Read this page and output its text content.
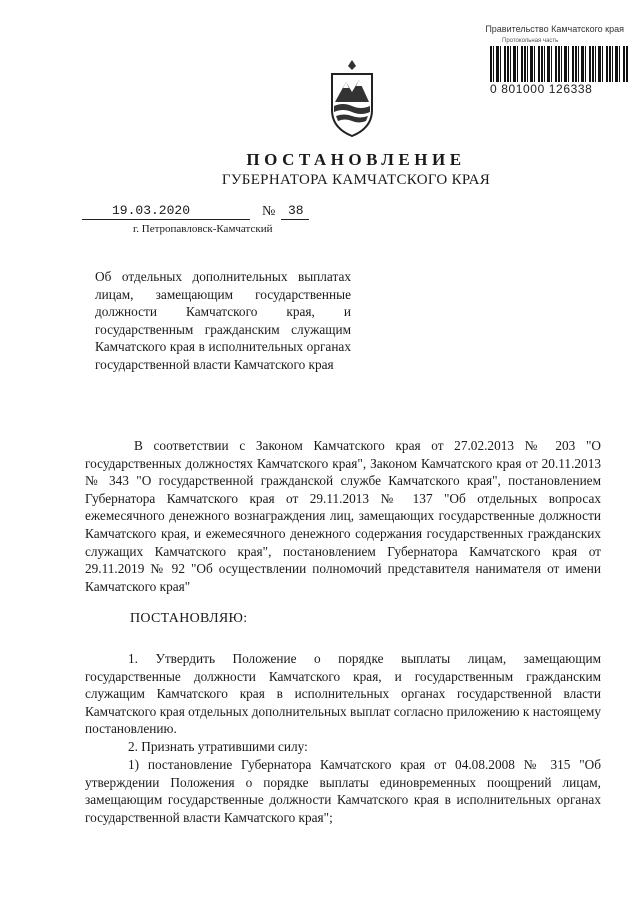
Правительство Камчатского края
Протокольная часть
0 801000 126338
ПОСТАНОВЛЕНИЕ
ГУБЕРНАТОРА КАМЧАТСКОГО КРАЯ
19.03.2020	№ 38
г. Петропавловск-Камчатский
Об отдельных дополнительных выплатах лицам, замещающим государственные должности Камчатского края, и государственным гражданским служащим Камчатского края в исполнительных органах государственной власти Камчатского края
В соответствии с Законом Камчатского края от 27.02.2013 № 203 "О государственных должностях Камчатского края", Законом Камчатского края от 20.11.2013 № 343 "О государственной гражданской службе Камчатского края", постановлением Губернатора Камчатского края от 29.11.2013 № 137 "Об отдельных вопросах ежемесячного денежного вознаграждения лиц, замещающих государственные должности Камчатского края, и ежемесячного денежного содержания государственных гражданских служащих Камчатского края", постановлением Губернатора Камчатского края от 29.11.2019 № 92 "Об осуществлении полномочий представителя нанимателя от имени Камчатского края"
ПОСТАНОВЛЯЮ:
1. Утвердить Положение о порядке выплаты лицам, замещающим государственные должности Камчатского края, и государственным гражданским служащим Камчатского края в исполнительных органах государственной власти Камчатского края отдельных дополнительных выплат согласно приложению к настоящему постановлению.
2. Признать утратившими силу:
1) постановление Губернатора Камчатского края от 04.08.2008 № 315 "Об утверждении Положения о порядке выплаты единовременных поощрений лицам, замещающим государственные должности Камчатского края в исполнительных органах государственной власти Камчатского края";
